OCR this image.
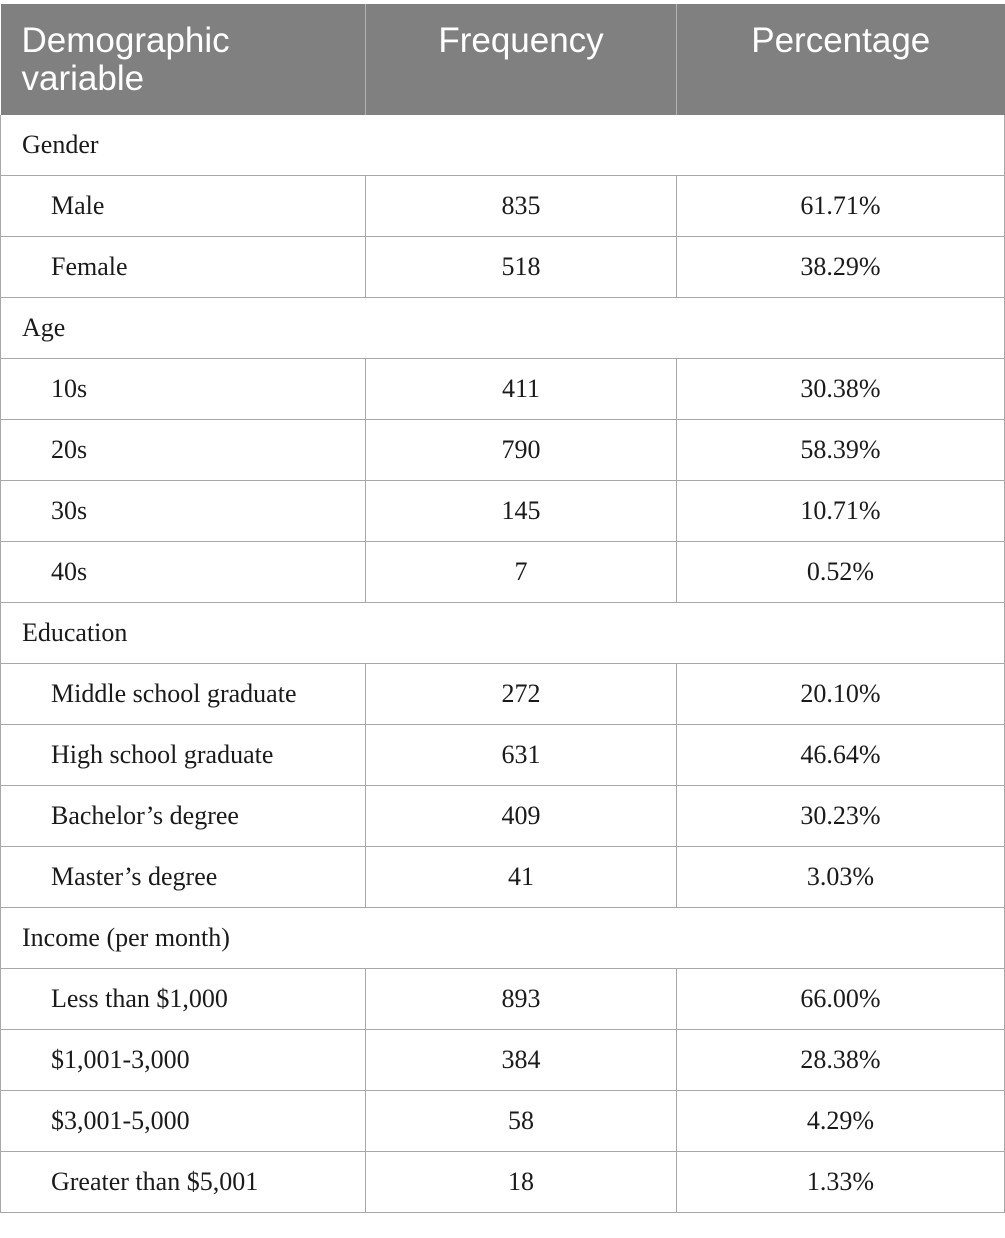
Demographic variable	Frequency	Percentage

Gender		
Male	835	61.71%
Female	518	38.29%
Age		
10s	411	30.38%
20s	790	58.39%
30s	145	10.71%
40s	7	0.52%
Education		
Middle school graduate	272	20.10%
High school graduate	631	46.64%
Bachelor’s degree	409	30.23%
Master’s degree	41	3.03%
Income (per month)		
Less than $1,000	893	66.00%
$1,001-3,000	384	28.38%
$3,001-5,000	58	4.29%
Greater than $5,001	18	1.33%
